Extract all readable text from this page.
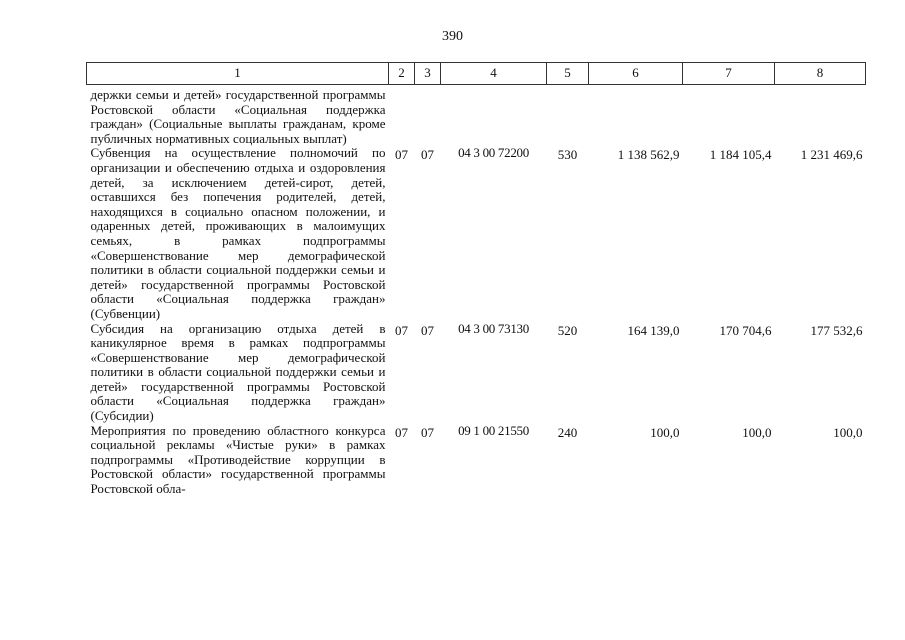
390
1	2	3	4	5	6	7	8
держки семьи и детей» государственной программы Ростовской области «Социальная поддержка граждан» (Социальные выплаты гражданам, кроме публичных нормативных социальных выплат)							
Субвенция на осуществление полномочий по организации и обеспечению отдыха и оздоровления детей, за исключением детей-сирот, детей, оставшихся без попечения родителей, детей, находящихся в социально опасном положении, и одаренных детей, проживающих в малоимущих семьях, в рамках подпрограммы «Совершенствование мер демографической политики в области социальной поддержки семьи и детей» государственной программы Ростовской области «Социальная поддержка граждан» (Субвенции)	07	07	04 3 00 72200	530	1 138 562,9	1 184 105,4	1 231 469,6
Субсидия на организацию отдыха детей в каникулярное время в рамках подпрограммы «Совершенствование мер демографической политики в области социальной поддержки семьи и детей» государственной программы Ростовской области «Социальная поддержка граждан» (Субсидии)	07	07	04 3 00 73130	520	164 139,0	170 704,6	177 532,6
Мероприятия по проведению областного конкурса социальной рекламы «Чистые руки» в рамках подпрограммы «Противодействие коррупции в Ростовской области» государственной программы Ростовской обла-	07	07	09 1 00 21550	240	100,0	100,0	100,0
